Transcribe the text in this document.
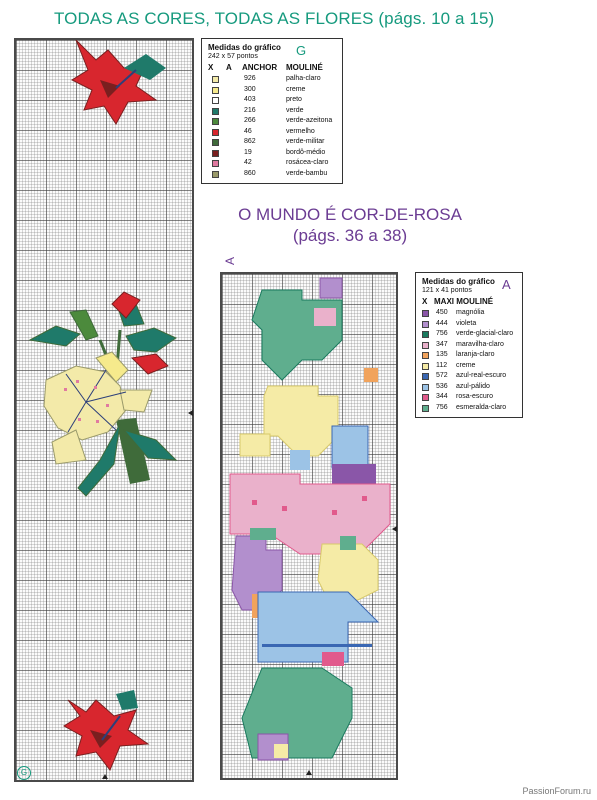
TODAS AS CORES, TODAS AS FLORES (págs. 10 a 15)
O MUNDO É COR-DE-ROSA
(págs. 36 a 38)
G
Medidas do gráfico G
242 x 57 pontos
X A ANCHOR MOULINÉ
926	palha-claro
300	creme
403	preto
216	verde
266	verde-azeitona
46	vermelho
862	verde-militar
19	bordô-médio
42	rosácea-claro
860	verde-bambu
A
Medidas do gráfico A
121 x 41 pontos
X MAXI MOULINÉ
450 magnólia
444 violeta
756 verde-glacial-claro
347 maravilha-claro
135 laranja-claro
112 creme
572 azul-real-escuro
536 azul-pálido
344 rosa-escuro
756 esmeralda-claro
PassionForum.ru
